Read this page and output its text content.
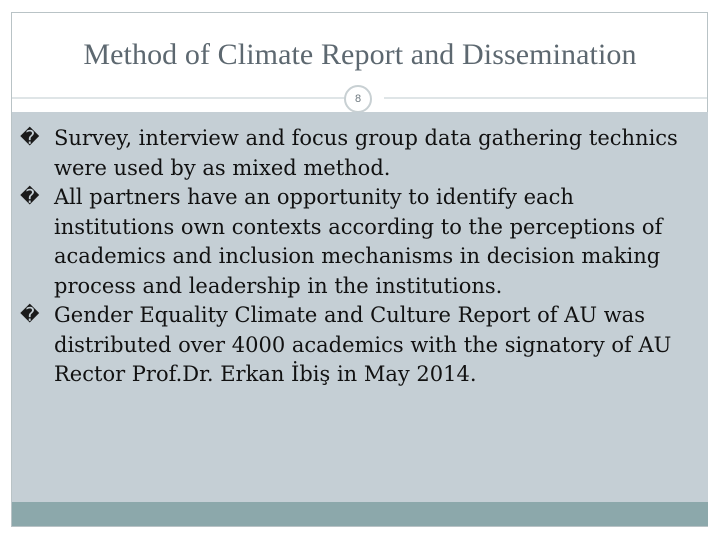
Method of Climate Report and Dissemination
8
� Survey, interview and focus group data gathering technics were used by as mixed method.
� All partners have an opportunity to identify each institutions own contexts according to the perceptions of academics and inclusion mechanisms in decision making process and leadership in the institutions.
� Gender Equality Climate and Culture Report of AU was distributed over 4000 academics with the signatory of AU Rector Prof.Dr. Erkan İbiş in May 2014.
